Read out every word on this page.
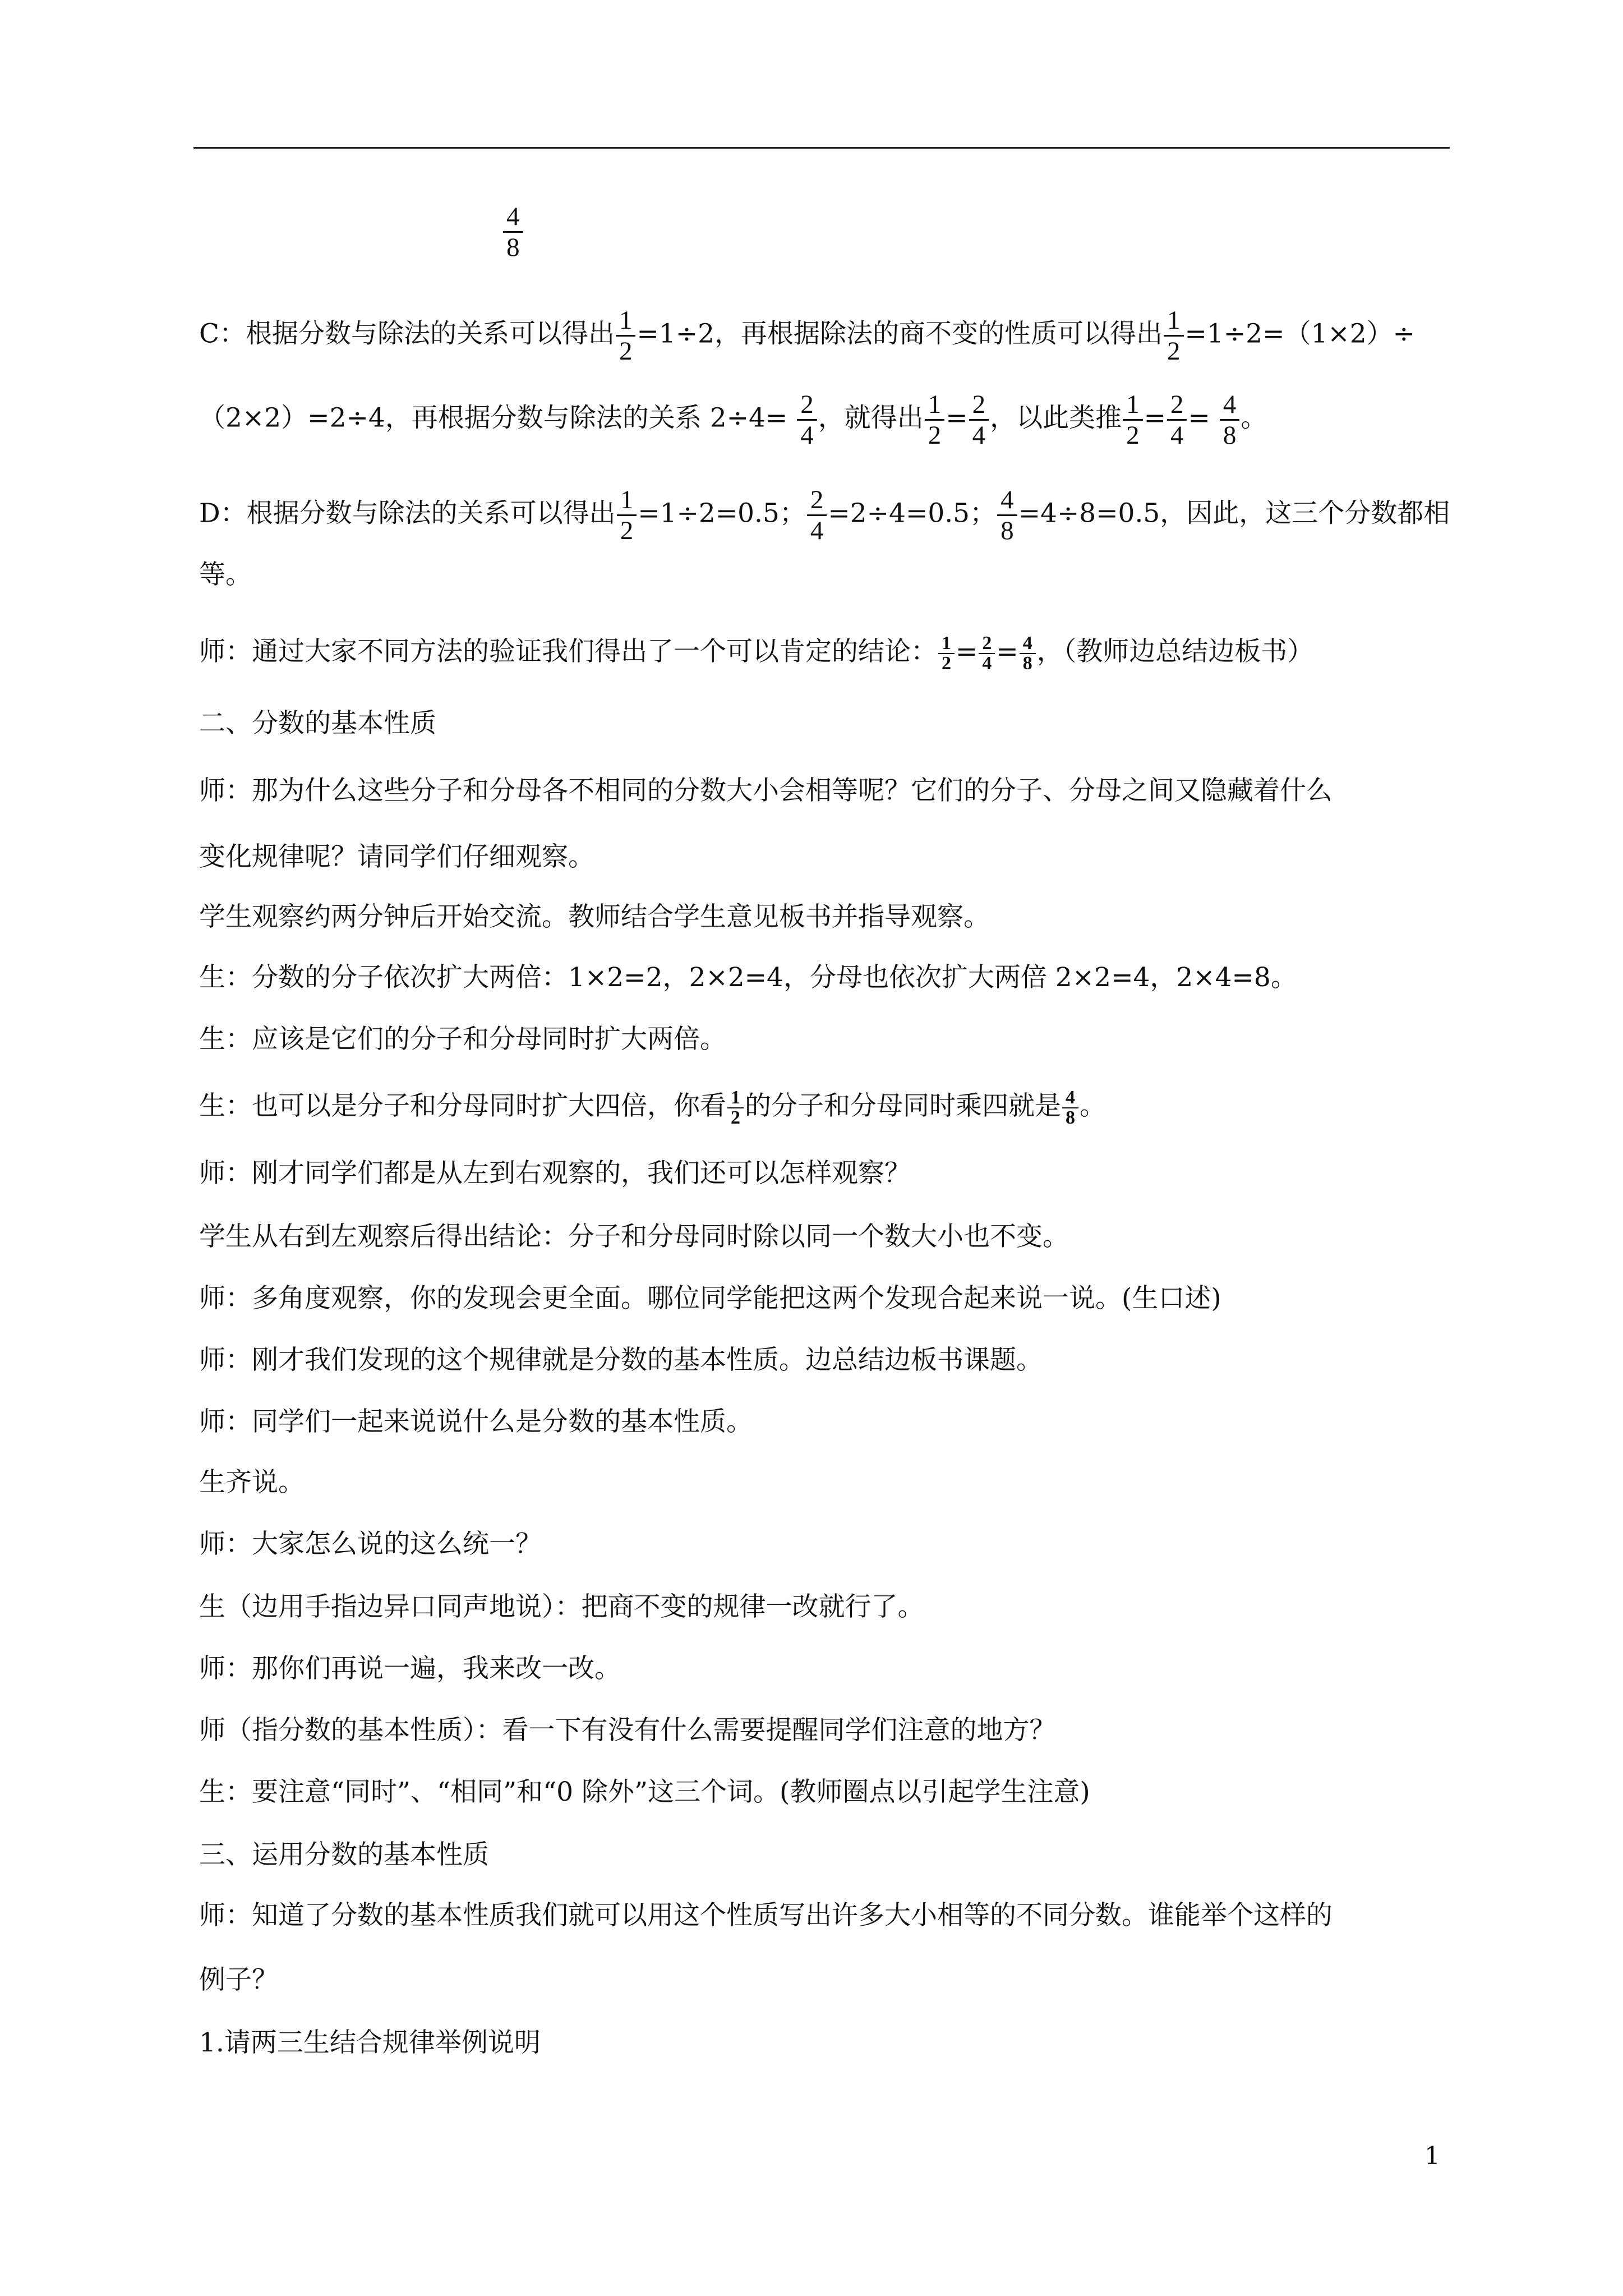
$\frac{4}{8}$
C：根据分数与除法的关系可以得出 $\frac{1}{2} =1\div 2$，再根据除法的商不变的性质可以得出 $\frac{1}{2} =1\div 2=(1\times 2)\div$
（2×2）=2÷4，再根据分数与除法的关系 $2\div 4= \frac{2}{4}$ ，就得出 $\frac{1}{2} = \frac{2}{4}$ ，以此类推 $\frac{1}{2} = \frac{2}{4} = \frac{4}{8}$ 。
D：根据分数与除法的关系可以得出 $\frac{1}{2} =1\div 2=0.5$； $\frac{2}{4} =2\div 4=0.5$； $\frac{4}{8} =4\div 8=0.5$，因此，这三个分数都相
等。
师：通过大家不同方法的验证我们得出了一个可以肯定的结论： $\frac{1}{2} = \frac{2}{4} = \frac{4}{8}$ ，（教师边总结边板书）
二、分数的基本性质
师：那为什么这些分子和分母各不相同的分数大小会相等呢？它们的分子、分母之间又隐藏着什么
变化规律呢？请同学们仔细观察。
学生观察约两分钟后开始交流。教师结合学生意见板书并指导观察。
生：分数的分子依次扩大两倍：1×2=2，2×2=4，分母也依次扩大两倍 2×2=4，2×4=8。
生：应该是它们的分子和分母同时扩大两倍。
生：也可以是分子和分母同时扩大四倍，你看 $\frac{1}{2}$ 的分子和分母同时乘四就是 $\frac{4}{8}$ 。
师：刚才同学们都是从左到右观察的，我们还可以怎样观察？
学生从右到左观察后得出结论：分子和分母同时除以同一个数大小也不变。
师：多角度观察，你的发现会更全面。哪位同学能把这两个发现合起来说一说。(生口述)
师：刚才我们发现的这个规律就是分数的基本性质。边总结边板书课题。
师：同学们一起来说说什么是分数的基本性质。
生齐说。
师：大家怎么说的这么统一？
生（边用手指边异口同声地说）：把商不变的规律一改就行了。
师：那你们再说一遍，我来改一改。
师（指分数的基本性质）：看一下有没有什么需要提醒同学们注意的地方？
生：要注意“同时”、“相同”和“0 除外”这三个词。(教师圈点以引起学生注意)
三、运用分数的基本性质
师：知道了分数的基本性质我们就可以用这个性质写出许多大小相等的不同分数。谁能举个这样的
例子？
1.请两三生结合规律举例说明
1
